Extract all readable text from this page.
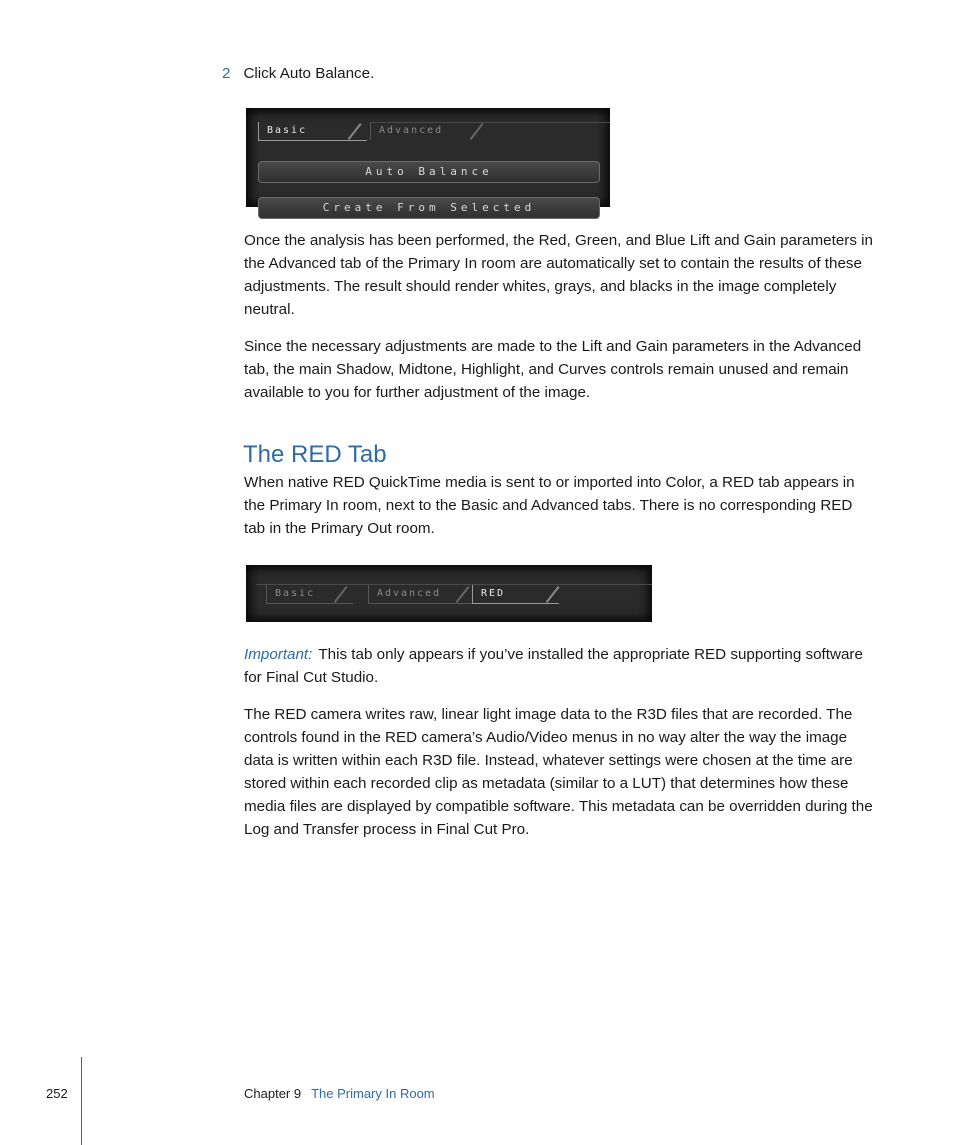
2 Click Auto Balance.
Basic	Advanced
Auto Balance
Create From Selected
Once the analysis has been performed, the Red, Green, and Blue Lift and Gain parameters in the Advanced tab of the Primary In room are automatically set to contain the results of these adjustments. The result should render whites, grays, and blacks in the image completely neutral.
Since the necessary adjustments are made to the Lift and Gain parameters in the Advanced tab, the main Shadow, Midtone, Highlight, and Curves controls remain unused and remain available to you for further adjustment of the image.
The RED Tab
When native RED QuickTime media is sent to or imported into Color, a RED tab appears in the Primary In room, next to the Basic and Advanced tabs. There is no corresponding RED tab in the Primary Out room.
Basic	Advanced	RED
Important: This tab only appears if you’ve installed the appropriate RED supporting software for Final Cut Studio.
The RED camera writes raw, linear light image data to the R3D files that are recorded. The controls found in the RED camera’s Audio/Video menus in no way alter the way the image data is written within each R3D file. Instead, whatever settings were chosen at the time are stored within each recorded clip as metadata (similar to a LUT) that determines how these media files are displayed by compatible software. This metadata can be overridden during the Log and Transfer process in Final Cut Pro.
252	Chapter 9 The Primary In Room
